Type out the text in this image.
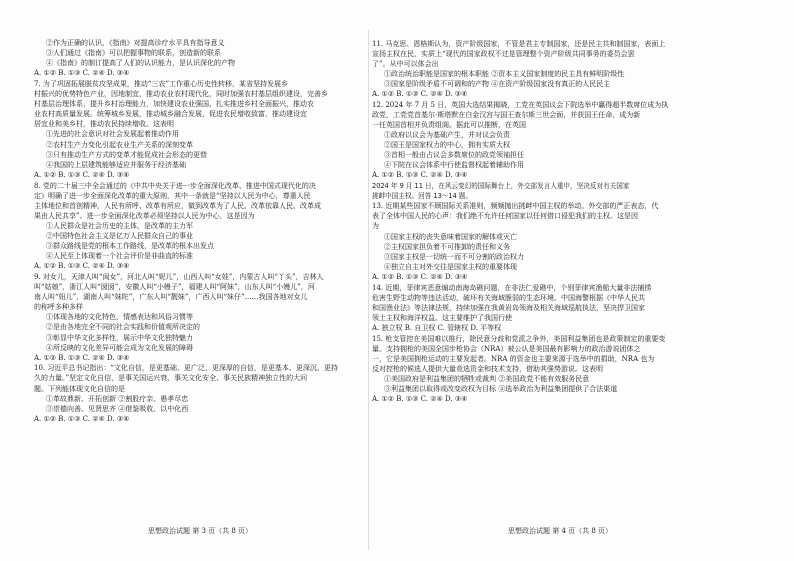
②作为正确的认识，《指南》对提高诊疗水平具有指导意义
③人们通过《指南》可以把握事物的联系，创造新的联系
④《指南》的制订提高了人们的认识能力，是认识深化的产物
A. ①② B. ①③ C. ②④ D. ③④
7. 为了巩固拓展脱贫攻坚成果，推动“三农”工作重心历史性转移，某省坚持发展乡
村振兴的优势特色产业，因地制宜，推动农业农村现代化，同时加强农村基层组织建设，完善乡
村基层治理体系，提升乡村治理能力，加快建设农业强国，扎实推进乡村全面振兴，推动农
业农村高质量发展。统筹城乡发展，推动城乡融合发展，促进农民增收致富，推动建设宜
居宜业和美乡村，推动农民持续增收。这表明
①先进的社会意识对社会发展起着推动作用
②农村生产力变化引起农业生产关系的深刻变革
③只有推动生产方式的变革才能促成社会形态的更替
④我国的上层建筑能够适应并服务于经济基础
A. ①② B. ①③ C. ②④ D. ③④
8. 党的二十届三中全会通过的《中共中央关于进一步全面深化改革、推进中国式现代化的决
定》明确了进一步全面深化改革的重大原则，其中一条就是“坚持以人民为中心，尊重人民
主体地位和首创精神，人民有所呼、改革有所应，做到改革为了人民、改革依靠人民、改革成
果由人民共享”。进一步全面深化改革必须坚持以人民为中心，这是因为
①人民群众是社会历史的主体，是改革的主力军
②中国特色社会主义是亿万人民群众自己的事业
③群众路线是党的根本工作路线，是改革的根本出发点
④人民至上体现着一个社会评价是非曲直的标准
A. ①② B. ①③ C. ②④ D. ③④
9. 对女儿，天津人叫“闺女”，河北人叫“妮儿”，山西人叫“女娃”，内蒙古人叫“丫头”，吉林人
叫“姑娘”，浙江人叫“囡囡”，安徽人叫“小嫚子”，福建人叫“阿妹”，山东人叫“小嫚儿”，河
南人叫“妞儿”，湖南人叫“妹陀”，广东人叫“靓妹”，广西人叫“妹仔”……我国各地对女儿
的称呼多种多样
①体现各地的文化特色，情感表达和风俗习惯等
②是由各地完全不同的社会实践和价值观所决定的
③彰显中华文化多样性，展示中华文化独特魅力
④所反映的文化差异可能会成为文化发展的障碍
A. ①② B. ①③ C. ②④ D. ③④
10. 习近平总书记指出：“文化自信，是更基础、更广泛、更深厚的自信，是更基本、更深沉、更持
久的力量。”坚定文化自信，是事关国运兴衰、事关文化安全、事关民族精神独立性的大问
题。下列能体现文化自信的是
①革故鼎新、开拓创新 ②割股疗亲、愚孝尽忠
③崇德向善、见贤思齐 ④借鉴吸收、以中化西
A. ①② B. ①③ C. ②④ D. ③④
11. 马克思、恩格斯认为，资产阶级国家，不管是君主专制国家，还是民主共和制国家，表面上
宣扬主权在民，实质上“现代的国家政权不过是管理整个资产阶级共同事务的委员会罢
了”。从中可以体会出
①政治统治职能是国家的根本职能 ②资本主义国家制度的民主具有鲜明阶级性
③国家是阶级矛盾不可调和的产物 ④在资产阶级国家没有真正的人民民主
A. ①② B. ①③ C. ②④ D. ③④
12. 2024 年 7 月 5 日，英国大选结果揭晓，工党在英国议会下院选举中赢得超半数席位成为执
政党，工党党首基尔·斯塔默在白金汉宫与国王查尔斯三世会面，并获国王任命，成为新
一任英国首相并负责组阁。据此可以推断，在英国
①政府以议会为基础产生，并对议会负责
②国王是国家权力的中心，拥有实质大权
③首相一般由占议会多数席位的政党领袖担任
④下院在议会体系中行使监督权起着辅助作用
A. ①② B. ①③ C. ②④ D. ③④
2024 年 9 月 11 日，在风云变幻的国际舞台上，外交部发言人重申，坚决反对有关国家
挑衅中国主权。回答 13～14 题。
13. 近期某些国家不顾国际关系准则，频频抛出挑衅中国主权的举动。外交部的严正表态，代
表了全体中国人民的心声：我们绝不允许任何国家以任何借口侵犯我们的主权。这是因
为
①国家主权的丧失意味着国家的解体或灭亡
②主权国家担负着不可推卸的责任和义务
③国家主权是一切统一而不可分割的政治权力
④独立自主对外交往是国家主权的重要体现
A. ①② B. ①③ C. ②④ D. ③④
14. 近期，菲律宾恶意煽动南海岛礁问题，在非法仁爱礁中，个别菲律宾渔船大量非法捕捞
危害生野生动物等违法活动，破坏有关海域脆弱的生态环境。中国海警根据《中华人民共
和国渔业法》等法律法规，持续加强在我黄岩岛领海及相关海域巡航执法，坚决捍卫国家
领土主权和海洋权益。这主要维护了我国行使
A. 独立权 B. 自卫权 C. 管辖权 D. 平等权
15. 枪支管控在美国难以推行，除民意分歧和党派之争外，美国利益集团也是政策制定的重要变
量。支持拥枪的美国全国步枪协会（NRA）被公认是美国最有影响力的政治游说团体之
一，它是美国拥枪运动的主要发起者。NRA 的资金也主要来源于选举中的捐助，NRA 也为
反对控枪的候选人提供大量竞选资金和技术支持，借助其强势游说。这表明
①美国政府是利益集团的牺牲或裁判 ②美国政党不能有效服务民意
③利益集团以取得或改变政权为目标 ④选举政治为利益集团提供了合法渠道
A. ①② B. ①③ C. ②④ D. ③④
思想政治试题 第 3 页（共 8 页）	思想政治试题 第 4 页（共 8 页）
